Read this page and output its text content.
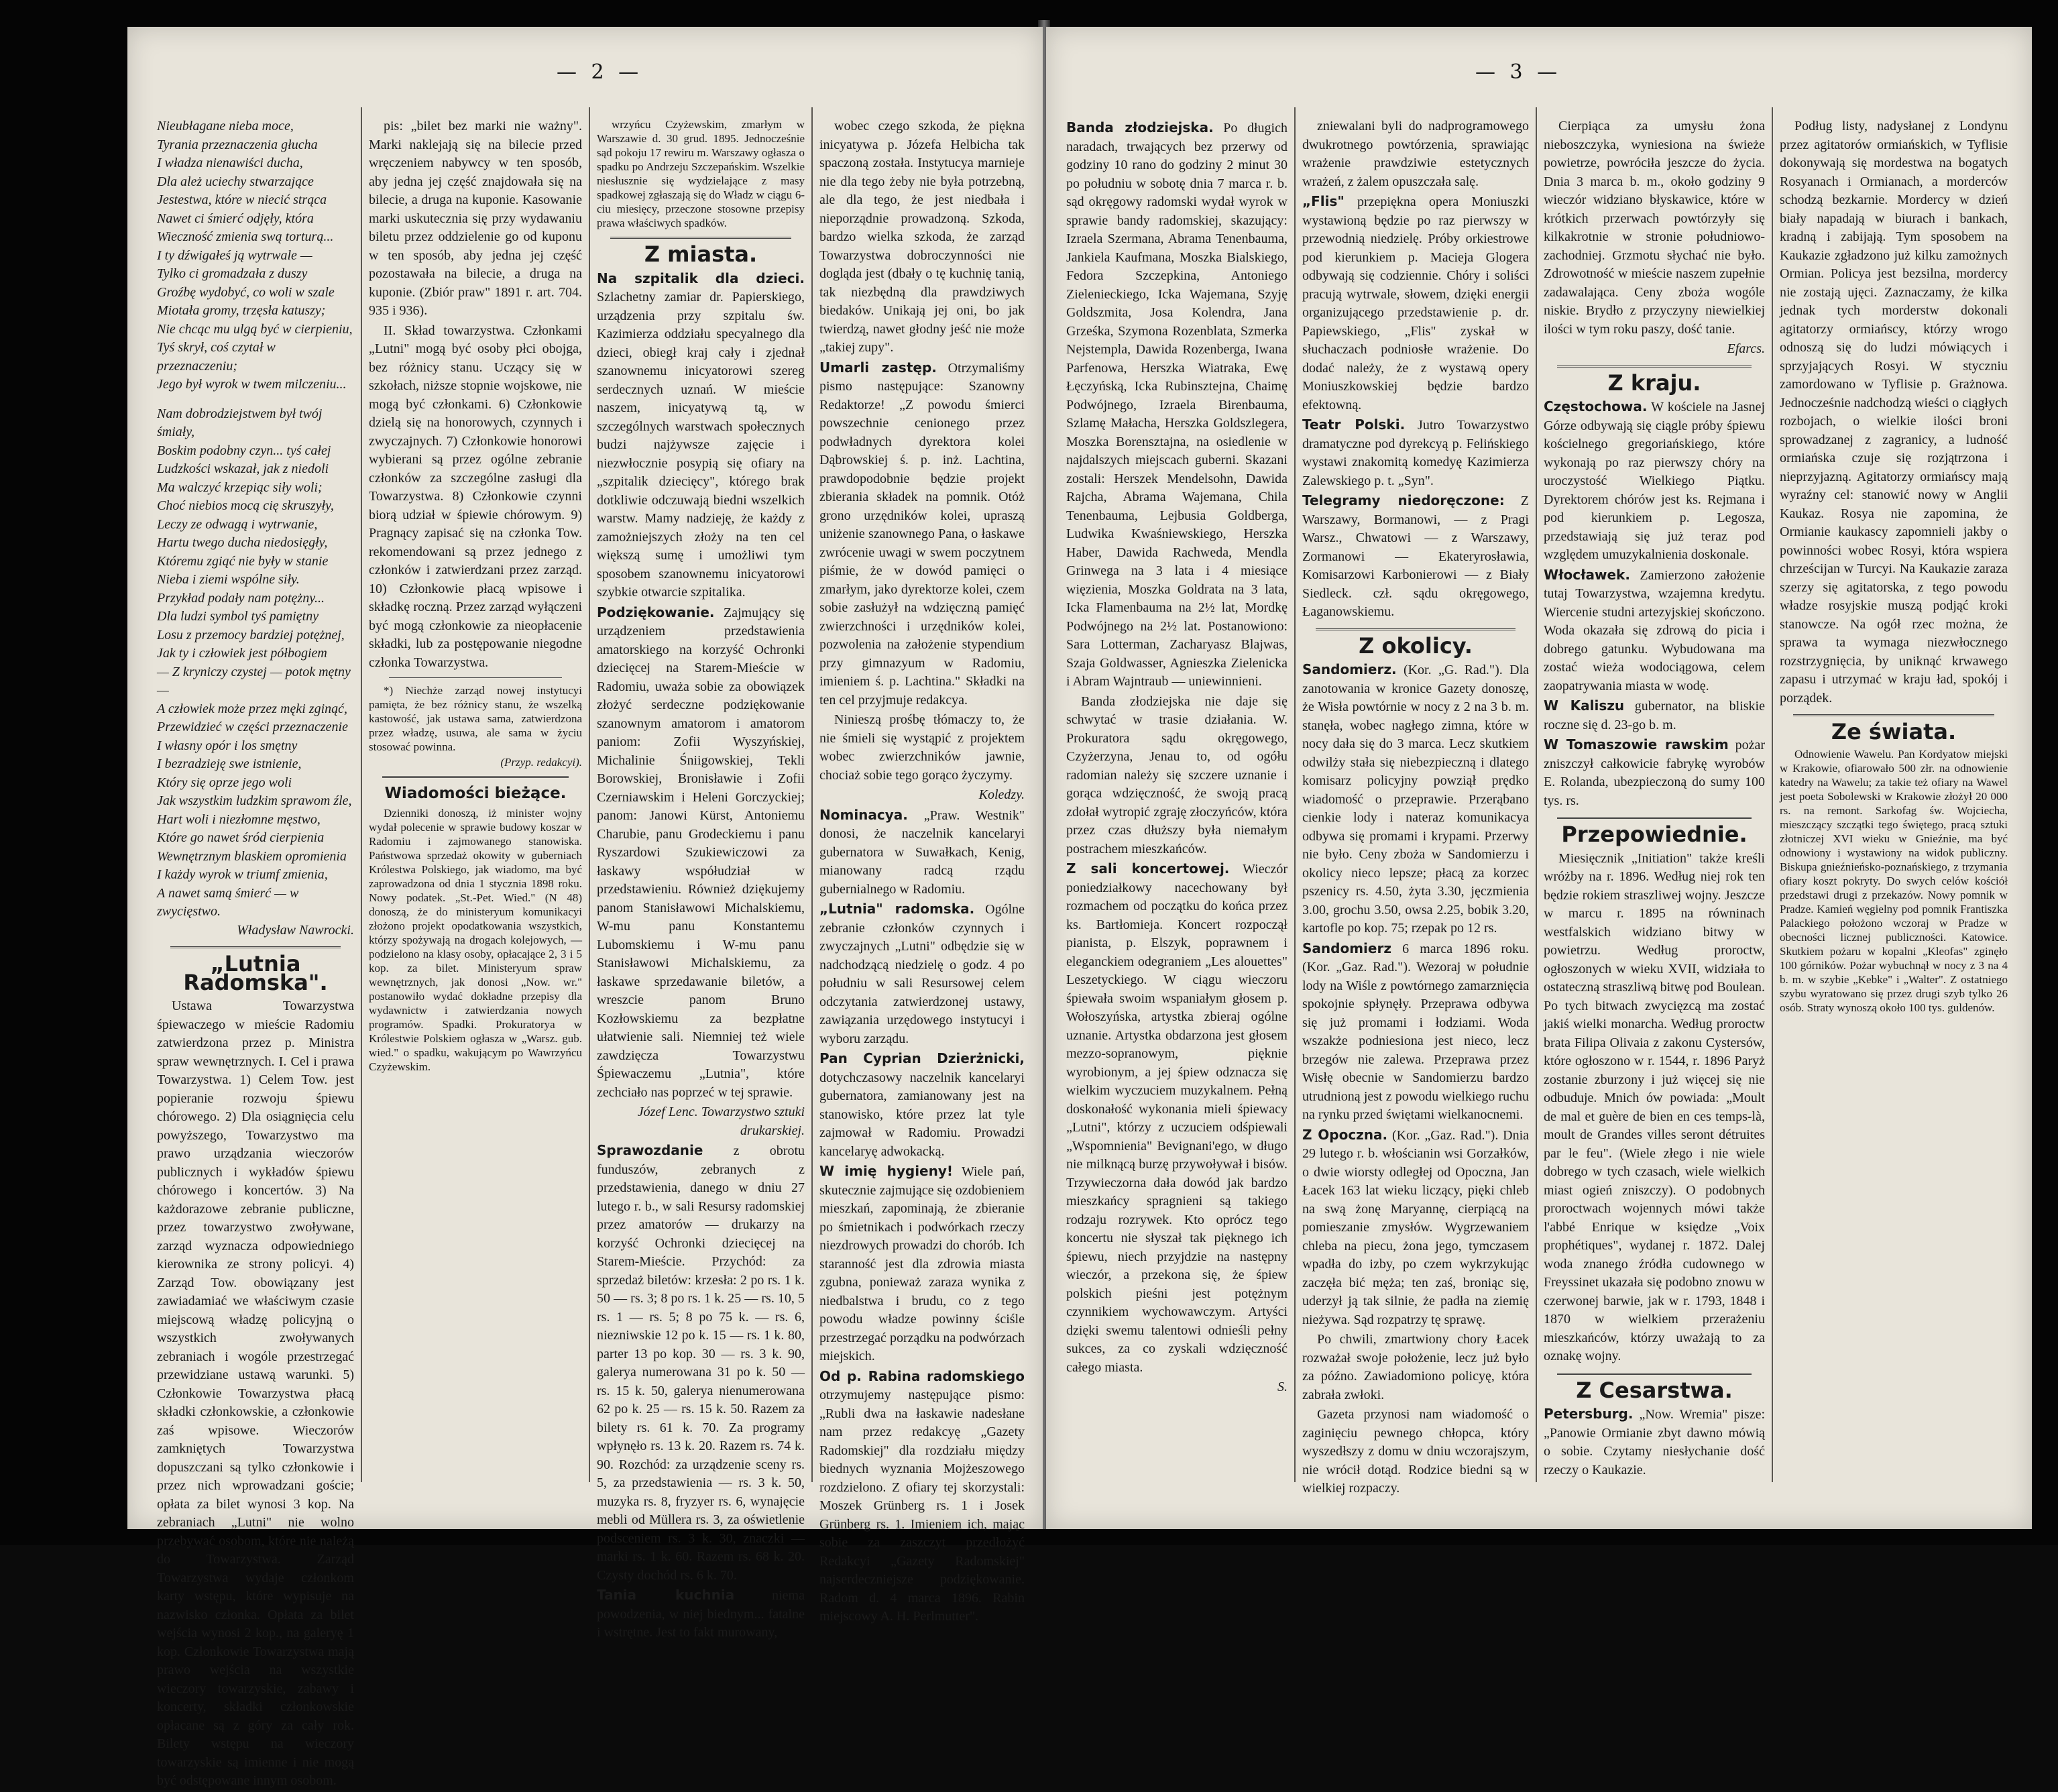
— 2 —
Nieubłagane nieba moce,
Tyrania przeznaczenia głucha
I władza nienawiści ducha,
Dla ależ uciechy stwarzające
Jestestwa, które w niecić strąca
Nawet ci śmierć odjęły, która
Wieczność zmienia swą torturą...
I ty dźwigałeś ją wytrwale —
Tylko ci gromadzała z duszy
Groźbę wydobyć, co woli w szale
Miotała gromy, trzęsła katuszy;
Nie chcąc mu ulgą być w cierpieniu,
Tyś skrył, coś czytał w przeznaczeniu;
Jego był wyrok w twem milczeniu...
Nam dobrodziejstwem był twój śmiały,
Boskim podobny czyn... tyś całej
Ludzkości wskazał, jak z niedoli
Ma walczyć krzepiąc siły woli;
Choć niebios mocą cię skruszyły,
Leczy ze odwagą i wytrwanie,
Hartu twego ducha niedosięgły,
Któremu zgiąć nie były w stanie
Nieba i ziemi wspólne siły.
Przykład podały nam potężny...
Dla ludzi symbol tyś pamiętny
Losu z przemocy bardziej potężnej,
Jak ty i człowiek jest półbogiem
— Z kryniczy czystej — potok mętny —
A człowiek może przez męki zginąć,
Przewidzieć w części przeznaczenie
I własny opór i los smętny
I bezradzieję swe istnienie,
Który się oprze jego woli
Jak wszystkim ludzkim sprawom źle,
Hart woli i niezłomne męstwo,
Które go nawet śród cierpienia
Wewnętrznym blaskiem opromienia
I każdy wyrok w triumf zmienia,
A nawet samą śmierć — w zwycięstwo.
Władysław Nawrocki.
„Lutnia Radomska".

Ustawa Towarzystwa śpiewaczego w mieście Radomiu zatwierdzona przez p. Ministra spraw wewnętrznych. I. Cel i prawa Towarzystwa. 1) Celem Tow. jest popieranie rozwoju śpiewu chórowego. 2) Dla osiągnięcia celu powyższego, Towarzystwo ma prawo urządzania wieczorów publicznych i wykładów śpiewu chórowego i koncertów. 3) Na każdorazowe zebranie publiczne, przez towarzystwo zwoływane, zarząd wyznacza odpowiedniego kierownika ze strony policyi. 4) Zarząd Tow. obowiązany jest zawiadamiać we właściwym czasie miejscową władzę policyjną o wszystkich zwoływanych zebraniach i wogóle przestrzegać przewidziane ustawą warunki. 5) Członkowie Towarzystwa płacą składki członkowskie, a członkowie zaś wpisowe. Wieczorów zamkniętych Towarzystwa dopuszczani są tylko członkowie i przez nich wprowadzani goście; opłata za bilet wynosi 3 kop. Na zebraniach „Lutni" nie wolno przebywać osobom, które nie należą do Towarzystwa. Zarząd Towarzystwa wydaje członkom karty wstępu, które wypisuje na nazwisko członka. Opłata za bilet wejścia wynosi 2 kop., na galeryę 1 kop. Członkowie Towarzystwa mają prawo wejścia na wszystkie wieczory towarzyskie, zabawy i koncerty, składki członkowskie opłacane są z góry za cały rok. Bilety wstępu na wieczory towarzyskie są imienne i nie mogą być odstępowane innym osobom.

pis: „bilet bez marki nie ważny". Marki naklejają się na bilecie przed wręczeniem nabywcy w ten sposób, aby jedna jej część znajdowała się na bilecie, a druga na kuponie. Kasowanie marki uskutecznia się przy wydawaniu biletu przez oddzielenie go od kuponu w ten sposób, aby jedna jej część pozostawała na bilecie, a druga na kuponie. (Zbiór praw" 1891 r. art. 704. 935 i 936).

II. Skład towarzystwa. Członkami „Lutni" mogą być osoby płci obojga, bez różnicy stanu. Uczący się w szkołach, niższe stopnie wojskowe, nie mogą być członkami. 6) Członkowie dzielą się na honorowych, czynnych i zwyczajnych. 7) Członkowie honorowi wybierani są przez ogólne zebranie członków za szczególne zasługi dla Towarzystwa. 8) Członkowie czynni biorą udział w śpiewie chórowym. 9) Pragnący zapisać się na członka Tow. rekomendowani są przez jednego z członków i zatwierdzani przez zarząd. 10) Członkowie płacą wpisowe i składkę roczną. Przez zarząd wyłączeni być mogą członkowie za nieopłacenie składki, lub za postępowanie niegodne członka Towarzystwa.

*) Niechże zarząd nowej instytucyi pamięta, że bez różnicy stanu, że wszelką kastowość, jak ustawa sama, zatwierdzona przez władzę, usuwa, ale sama w życiu stosować powinna.

(Przyp. redakcyi).
Wiadomości bieżące.

Dzienniki donoszą, iż minister wojny wydał polecenie w sprawie budowy koszar w Radomiu i zajmowanego stanowiska. Państwowa sprzedaż okowity w guberniach Królestwa Polskiego, jak wiadomo, ma być zaprowadzona od dnia 1 stycznia 1898 roku. Nowy podatek. „St.-Pet. Wied." (N 48) donoszą, że do ministeryum komunikacyi złożono projekt opodatkowania wszystkich, którzy spożywają na drogach kolejowych, — podzielono na klasy osoby, opłacające 2, 3 i 5 kop. za bilet. Ministeryum spraw wewnętrznych, jak donosi „Now. wr." postanowiło wydać dokładne przepisy dla wydawnictw i zatwierdzania nowych programów. Spadki. Prokuratorya w Królestwie Polskiem ogłasza w „Warsz. gub. wied." o spadku, wakującym po Wawrzyńcu Czyżewskim.

wrzyńcu Czyżewskim, zmarłym w Warszawie d. 30 grud. 1895. Jednocześnie sąd pokoju 17 rewiru m. Warszawy ogłasza o spadku po Andrzeju Szczepańskim. Wszelkie niesłusznie się wydzielające z masy spadkowej zgłaszają się do Władz w ciągu 6-ciu miesięcy, przeczone stosowne przepisy prawa właściwych spadków.

Z miasta.

Na szpitalik dla dzieci. Szlachetny zamiar dr. Papierskiego, urządzenia przy szpitalu św. Kazimierza oddziału specyalnego dla dzieci, obiegł kraj cały i zjednał szanownemu inicyatorowi szereg serdecznych uznań. W mieście naszem, inicyatywą tą, w szczególnych warstwach społecznych budzi najżywsze zajęcie i niezwłocznie posypią się ofiary na „szpitalik dziecięcy", którego brak dotkliwie odczuwają biedni wszelkich warstw. Mamy nadzieję, że każdy z zamożniejszych złoży na ten cel większą sumę i umożliwi tym sposobem szanownemu inicyatorowi szybkie otwarcie szpitalika.

Podziękowanie. Zajmujący się urządzeniem przedstawienia amatorskiego na korzyść Ochronki dziecięcej na Starem-Mieście w Radomiu, uważa sobie za obowiązek złożyć serdeczne podziękowanie szanownym amatorom i amatorom paniom: Zofii Wyszyńskiej, Michalinie Śniigowskiej, Tekli Borowskiej, Bronisławie i Zofii Czerniawskim i Heleni Gorczyckiej; panom: Janowi Kürst, Antoniemu Charubie, panu Grodeckiemu i panu Ryszardowi Szukiewiczowi za łaskawy współudział w przedstawieniu. Również dziękujemy panom Stanisławowi Michalskiemu, W-mu panu Konstantemu Lubomskiemu i W-mu panu Stanisławowi Michalskiemu, za łaskawe sprzedawanie biletów, a wreszcie panom Bruno Kozłowskiemu za bezpłatne ułatwienie sali. Niemniej też wiele zawdzięcza Towarzystwu Śpiewaczemu „Lutnia", które zechciało nas poprzeć w tej sprawie.

Józef Lenc. Towarzystwo sztuki drukarskiej.

Sprawozdanie z obrotu funduszów, zebranych z przedstawienia, danego w dniu 27 lutego r. b., w sali Resursy radomskiej przez amatorów — drukarzy na korzyść Ochronki dziecięcej na Starem-Mieście. Przychód: za sprzedaż biletów: krzesła: 2 po rs. 1 k. 50 — rs. 3; 8 po rs. 1 k. 25 — rs. 10, 5 rs. 1 — rs. 5; 8 po 75 k. — rs. 6, niezniwskie 12 po k. 15 — rs. 1 k. 80, parter 13 po kop. 30 — rs. 3 k. 90, galerya numerowana 31 po k. 50 — rs. 15 k. 50, galerya nienumerowana 62 po k. 25 — rs. 15 k. 50. Razem za bilety rs. 61 k. 70. Za programy wpłynęło rs. 13 k. 20. Razem rs. 74 k. 90. Rozchód: za urządzenie sceny rs. 5, za przedstawienia — rs. 3 k. 50, muzyka rs. 8, fryzyer rs. 6, wynajęcie mebli od Müllera rs. 3, za oświetlenie podsceniem rs. 3 k. 30, znaczki — marki rs. 1 k. 60. Razem rs. 68 k. 20. Czysty dochód rs. 6 k. 70.

Tania kuchnia	niema powodzenia, w niej biednym... fatalne i wstrętne. Jest to fakt murowany,

wobec czego szkoda, że piękna inicyatywa p. Józefa Helbicha tak spaczoną została. Instytucya marnieje nie dla tego żeby nie była potrzebną, ale dla tego, że jest niedbała i nieporządnie prowadzoną. Szkoda, bardzo wielka szkoda, że zarząd Towarzystwa dobroczynności nie dogląda jest (dbały o tę kuchnię tanią, tak niezbędną dla prawdziwych biedaków. Unikają jej oni, bo jak twierdzą, nawet głodny jeść nie może „takiej zupy".

Umarli zastęp. Otrzymaliśmy pismo następujące: Szanowny Redaktorze! „Z powodu śmierci powszechnie cenionego przez podwładnych dyrektora kolei Dąbrowskiej ś. p. inż. Lachtina, prawdopodobnie będzie projekt zbierania składek na pomnik. Otóż grono urzędników kolei, upraszą uniżenie szanownego Pana, o łaskawe zwrócenie uwagi w swem poczytnem piśmie, że w dowód pamięci o zmarłym, jako dyrektorze kolei, czem sobie zasłużył na wdzięczną pamięć zwierzchności i urzędników kolei, pozwolenia na założenie stypendium przy gimnazyum w Radomiu, imieniem ś. p. Lachtina." Składki na ten cel przyjmuje redakcya.

Ninieszą prośbę tłómaczy to, że nie śmieli się wystąpić z projektem wobec zwierzchników jawnie, chociaż sobie tego gorąco życzymy.

Koledzy.

Nominacya. „Praw. Westnik" donosi, że naczelnik kancelaryi gubernatora w Suwałkach, Kenig, mianowany radcą rządu gubernialnego w Radomiu.

„Lutnia" radomska. Ogólne zebranie członków czynnych i zwyczajnych „Lutni" odbędzie się w nadchodzącą niedzielę o godz. 4 po południu w sali Resursowej celem odczytania zatwierdzonej ustawy, zawiązania urzędowego instytucyi i wyboru zarządu.

Pan Cyprian Dzierżnicki, dotychczasowy naczelnik kancelaryi gubernatora, zamianowany jest na stanowisko, które przez lat tyle zajmował w Radomiu. Prowadzi kancelaryę adwokacką.

W imię hygieny! Wiele pań, skutecznie zajmujące się ozdobieniem mieszkań, zapominają, że zbieranie po śmietnikach i podwórkach rzeczy niezdrowych prowadzi do chorób. Ich staranność jest dla zdrowia miasta zgubna, ponieważ zaraza wynika z niedbalstwa i brudu, co z tego powodu władze powinny ściśle przestrzegać porządku na podwórzach miejskich.

Od p. Rabina radomskiego otrzymujemy następujące pismo: „Rubli dwa na łaskawie nadesłane nam przez redakcyę „Gazety Radomskiej" dla rozdziału między biednych wyznania Mojżeszowego rozdzielono. Z ofiary tej skorzystali: Moszek Grünberg rs. 1 i Josek Grünberg rs. 1. Imieniem ich, mając sobie za zaszczyt przedłożyć Redakcyi „Gazety Radomskiej" najserdeczniejsze podziękowanie. Radom d. 4 marca 1896. Rabin miejscowy A. H. Perlmutter".

— 3 —

Banda złodziejska. Po długich naradach, trwających bez przerwy od godziny 10 rano do godziny 2 minut 30 po południu w sobotę dnia 7 marca r. b. sąd okręgowy radomski wydał wyrok w sprawie bandy radomskiej, skazujący: Izraela Szermana, Abrama Tenenbauma, Jankiela Kaufmana, Moszka Bialskiego, Fedora Szczepkina, Antoniego Zielenieckiego, Icka Wajemana, Szyję Goldszmita, Josa Kolendra, Jana Grześka, Szymona Rozenblata, Szmerka Nejstempla, Dawida Rozenberga, Iwana Parfenowa, Herszka Wiatraka, Ewę Łęczyńską, Icka Rubinsztejna, Chaimę Podwójnego, Izraela Birenbauma, Szlamę Małacha, Herszka Goldszlegera, Moszka Borensztajna, na osiedlenie w najdalszych miejscach guberni. Skazani zostali: Herszek Mendelsohn, Dawida Rajcha, Abrama Wajemana, Chila Tenenbauma, Lejbusia Goldberga, Ludwika Kwaśniewskiego, Herszka Haber, Dawida Rachweda, Mendla Grinwega na 3 lata i 4 miesiące więzienia, Moszka Goldrata na 3 lata, Icka Flamenbauma na 2½ lat, Mordkę Podwójnego na 2½ lat. Postanowiono: Sara Lotterman, Zacharyasz Blajwas, Szaja Goldwasser, Agnieszka Zielenicka i Abram Wajntraub — uniewinnieni.

Banda złodziejska nie daje się schwytać w trasie działania. W. Prokuratora sądu okręgowego, Czyżerzyna, Jenau to, od ogółu radomian należy się szczere uznanie i gorąca wdzięczność, że swoją pracą zdołał wytropić zgraję złoczyńców, która przez czas dłuższy była niemałym postrachem mieszkańców.

Z sali koncertowej. Wieczór poniedziałkowy nacechowany był rozmachem od początku do końca przez ks. Bartłomieja. Koncert rozpoczął pianista, p. Elszyk, poprawnem i eleganckiem odegraniem „Les alouettes" Leszetyckiego. W ciągu wieczoru śpiewała swoim wspaniałym głosem p. Wołoszyńska, artystka zbieraj ogólne uznanie. Artystka obdarzona jest głosem mezzo-sopranowym, pięknie wyrobionym, a jej śpiew odznacza się wielkim wyczuciem muzykalnem. Pełną doskonałość wykonania mieli śpiewacy „Lutni", którzy z uczuciem odśpiewali „Wspomnienia" Bevignani'ego, w długo nie milknącą burzę przywoływał i bisów. Trzywieczorna dała dowód jak bardzo mieszkańcy spragnieni są takiego rodzaju rozrywek. Kto oprócz tego koncertu nie słyszał tak pięknego ich śpiewu, niech przyjdzie na następny wieczór, a przekona się, że śpiew polskich pieśni jest potężnym czynnikiem wychowawczym. Artyści dzięki swemu talentowi odnieśli pełny sukces, za co zyskali wdzięczność całego miasta.

S.

zniewalani byli do nadprogramowego dwukrotnego powtórzenia, sprawiając wrażenie prawdziwie estetycznych wrażeń, z żalem opuszczała salę.

„Flis" przepiękna opera Moniuszki wystawioną będzie po raz pierwszy w przewodnią niedzielę. Próby orkiestrowe pod kierunkiem p. Macieja Glogera odbywają się codziennie. Chóry i soliści pracują wytrwale, słowem, dzięki energii organizującego przedstawienie p. dr. Papiewskiego, „Flis" zyskał w słuchaczach podniosłe wrażenie. Do dodać należy, że z wystawą opery Moniuszkowskiej będzie bardzo efektowną.

Teatr Polski. Jutro Towarzystwo dramatyczne pod dyrekcyą p. Felińskiego wystawi znakomitą komedyę Kazimierza Zalewskiego p. t. „Syn".

Telegramy niedoręczone: Z Warszawy, Bormanowi, — z Pragi Warsz., Chwatowi — z Warszawy, Zormanowi — Ekateryrosławia, Komisarzowi Karbonierowi — z Biały Siedleck. czł. sądu okręgowego, Łaganowskiemu.

Z okolicy.

Sandomierz. (Kor. „G. Rad."). Dla zanotowania w kronice Gazety donoszę, że Wisła powtórnie w nocy z 2 na 3 b. m. stanęła, wobec nagłego zimna, które w nocy dała się do 3 marca. Lecz skutkiem odwilży stała się niebezpieczną i dlatego komisarz policyjny powziął prędko wiadomość o przeprawie. Przerąbano cienkie lody i nateraz komunikacya odbywa się promami i krypami. Przerwy nie było. Ceny zboża w Sandomierzu i okolicy nieco lepsze; płacą za korzec pszenicy rs. 4.50, żyta 3.30, jęczmienia 3.00, grochu 3.50, owsa 2.25, bobik 3.20, kartofle po kop. 75; rzepak po 12 rs.

Sandomierz 6 marca 1896 roku. (Kor. „Gaz. Rad."). Wezoraj w południe lody na Wiśle z powtórnego zamarznięcia spokojnie spłynęły. Przeprawa odbywa się już promami i łodziami. Woda wszakże podniesiona jest nieco, lecz brzegów nie zalewa. Przeprawa przez Wisłę obecnie w Sandomierzu bardzo utrudnioną jest z powodu wielkiego ruchu na rynku przed świętami wielkanocnemi.

Z Opoczna. (Kor. „Gaz. Rad."). Dnia 29 lutego r. b. włościanin wsi Gorzałków, o dwie wiorsty odległej od Opoczna, Jan Łacek 163 lat wieku liczący, pięki chleb na swą żonę Maryannę, cierpiącą na pomieszanie zmysłów. Wygrzewaniem chleba na piecu, żona jego, tymczasem wpadła do izby, po czem wykrzykując zaczęła bić męża; ten zaś, broniąc się, uderzył ją tak silnie, że padła na ziemię nieżywa. Sąd rozpatrzy tę sprawę.

Po chwili, zmartwiony chory Łacek rozważał swoje położenie, lecz już było za późno. Zawiadomiono policyę, która zabrała zwłoki.

Gazeta przynosi nam wiadomość o zaginięciu pewnego chłopca, który wyszedłszy z domu w dniu wczorajszym, nie wrócił dotąd. Rodzice biedni są w wielkiej rozpaczy.

Cierpiąca za umysłu żona nieboszczyka, wyniesiona na świeże powietrze, powróciła jeszcze do życia. Dnia 3 marca b. m., około godziny 9 wieczór widziano błyskawice, które w krótkich przerwach powtórzyły się kilkakrotnie w stronie południowo-zachodniej. Grzmotu słychać nie było. Zdrowotność w mieście naszem zupełnie zadawalająca. Ceny zboża wogóle niskie. Brydło z przyczyny niewielkiej ilości w tym roku paszy, dość tanie.

Efarcs.
Z kraju.

Częstochowa. W kościele na Jasnej Górze odbywają się ciągle próby śpiewu kościelnego gregoriańskiego, które wykonają po raz pierwszy chóry na uroczystość Wielkiego Piątku. Dyrektorem chórów jest ks. Rejmana i pod kierunkiem p. Legosza, przedstawiają się już teraz pod względem umuzykalnienia doskonale.

Włocławek. Zamierzono założenie tutaj Towarzystwa, wzajemna kredytu. Wiercenie studni artezyjskiej skończono. Woda okazała się zdrową do picia i dobrego gatunku. Wybudowana ma zostać wieża wodociągowa, celem zaopatrywania miasta w wodę.

W Kaliszu gubernator, na bliskie roczne się d. 23-go b. m.

W Tomaszowie rawskim pożar zniszczył całkowicie fabrykę wyrobów E. Rolanda, ubezpieczoną do sumy 100 tys. rs.

Przepowiednie.

Miesięcznik „Initiation" także kreśli wróżby na r. 1896. Według niej rok ten będzie rokiem straszliwej wojny. Jeszcze w marcu r. 1895 na równinach westfalskich widziano bitwy w powietrzu. Według proroctw, ogłoszonych w wieku XVII, widziała to ostateczną straszliwą bitwę pod Boulean. Po tych bitwach zwycięzcą ma zostać jakiś wielki monarcha. Według proroctw brata Filipa Olivaia z zakonu Cystersów, które ogłoszono w r. 1544, r. 1896 Paryż zostanie zburzony i już więcej się nie odbuduje. Mnich ów powiada: „Moult de mal et guère de bien en ces temps-là, moult de Grandes villes seront détruites par le feu". (Wiele złego i nie wiele dobrego w tych czasach, wiele wielkich miast ogień zniszczy). O podobnych proroctwach wojennych mówi także l'abbé Enrique w księdze „Voix prophétiques", wydanej r. 1872. Dalej woda znanego źródła cudownego w Freyssinet ukazała się podobno znowu w czerwonej barwie, jak w r. 1793, 1848 i 1870 w wielkiem przerażeniu mieszkańców, którzy uważają to za oznakę wojny.

Z Cesarstwa.

Petersburg. „Now. Wremia" pisze: „Panowie Ormianie zbyt dawno mówią o sobie. Czytamy niesłychanie dość rzeczy o Kaukazie.

Podług listy, nadysłanej z Londynu przez agitatorów ormiańskich, w Tyflisie dokonywają się mordestwa na bogatych Rosyanach i Ormianach, a morderców schodzą bezkarnie. Mordercy w dzień biały napadają w biurach i bankach, kradną i zabijają. Tym sposobem na Kaukazie zgładzono już kilku zamożnych Ormian. Policya jest bezsilna, mordercy nie zostają ujęci. Zaznaczamy, że kilka jednak tych morderstw dokonali agitatorzy ormiańscy, którzy wrogo odnoszą się do ludzi mówiących i sprzyjających Rosyi. W styczniu zamordowano w Tyflisie p. Grażnowa. Jednocześnie nadchodzą wieści o ciągłych rozbojach, o wielkie ilości broni sprowadzanej z zagranicy, a ludność ormiańska czuje się rozjątrzona i nieprzyjazną. Agitatorzy ormiańscy mają wyraźny cel: stanowić nowy w Anglii Kaukaz. Rosya nie zapomina, że Ormianie kaukascy zapomnieli jakby o powinności wobec Rosyi, która wspiera chrześcijan w Turcyi. Na Kaukazie zaraza szerzy się agitatorska, z tego powodu władze rosyjskie muszą podjąć kroki stanowcze. Na ogół rzec można, że sprawa ta wymaga niezwłocznego rozstrzygnięcia, by uniknąć krwawego zapasu i utrzymać w kraju ład, spokój i porządek.

Ze świata.

Odnowienie Wawelu. Pan Kordyatow miejski w Krakowie, ofiarowało 500 złr. na odnowienie katedry na Wawelu; za takie też ofiary na Wawel jest poeta Sobolewski w Krakowie złożył 20 000 rs. na remont. Sarkofag św. Wojciecha, mieszczący szczątki tego świętego, pracą sztuki złotniczej XVI wieku w Gnieźnie, ma być odnowiony i wystawiony na widok publiczny. Biskupa gnieźnieńsko-poznańskiego, z trzymania ofiary koszt pokryty. Do swych celów kościół przedstawi drugi z przekazów. Nowy pomnik w Pradze. Kamień węgielny pod pomnik Frantiszka Palackiego położono wczoraj w Pradze w obecności licznej publiczności. Katowice. Skutkiem pożaru w kopalni „Kleofas" zginęło 100 górników. Pożar wybuchnął w nocy z 3 na 4 b. m. w szybie „Kebke" i „Walter". Z ostatniego szybu wyratowano się przez drugi szyb tylko 26 osób. Straty wynoszą około 100 tys. guldenów.
